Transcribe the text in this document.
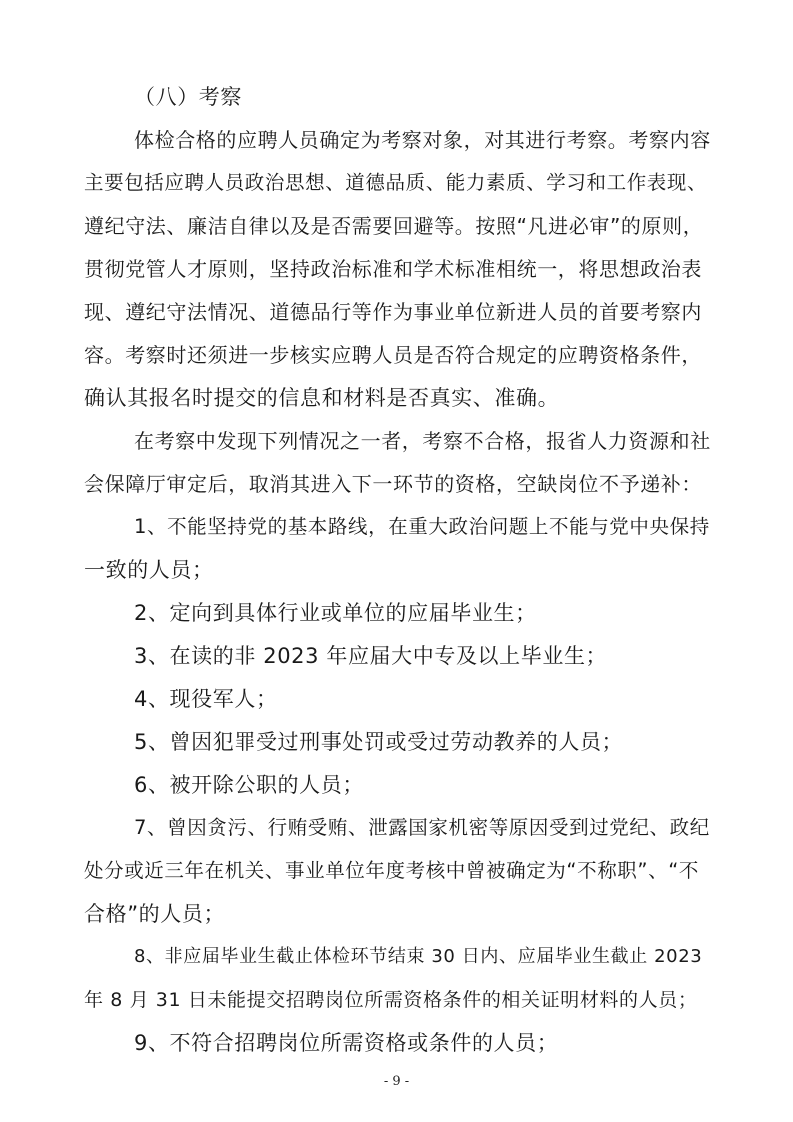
（八）考察
体检合格的应聘人员确定为考察对象，对其进行考察。考察内容
主要包括应聘人员政治思想、道德品质、能力素质、学习和工作表现、
遵纪守法、廉洁自律以及是否需要回避等。按照“凡进必审”的原则，
贯彻党管人才原则，坚持政治标准和学术标准相统一，将思想政治表
现、遵纪守法情况、道德品行等作为事业单位新进人员的首要考察内
容。考察时还须进一步核实应聘人员是否符合规定的应聘资格条件，
确认其报名时提交的信息和材料是否真实、准确。
在考察中发现下列情况之一者，考察不合格，报省人力资源和社
会保障厅审定后，取消其进入下一环节的资格，空缺岗位不予递补：
1、不能坚持党的基本路线，在重大政治问题上不能与党中央保持
一致的人员；
2、定向到具体行业或单位的应届毕业生；
3、在读的非 2023 年应届大中专及以上毕业生；
4、现役军人；
5、曾因犯罪受过刑事处罚或受过劳动教养的人员；
6、被开除公职的人员；
7、曾因贪污、行贿受贿、泄露国家机密等原因受到过党纪、政纪
处分或近三年在机关、事业单位年度考核中曾被确定为“不称职”、“不
合格”的人员；
8、非应届毕业生截止体检环节结束 30 日内、应届毕业生截止 2023
年 8 月 31 日未能提交招聘岗位所需资格条件的相关证明材料的人员；
9、不符合招聘岗位所需资格或条件的人员；
- 9 -
